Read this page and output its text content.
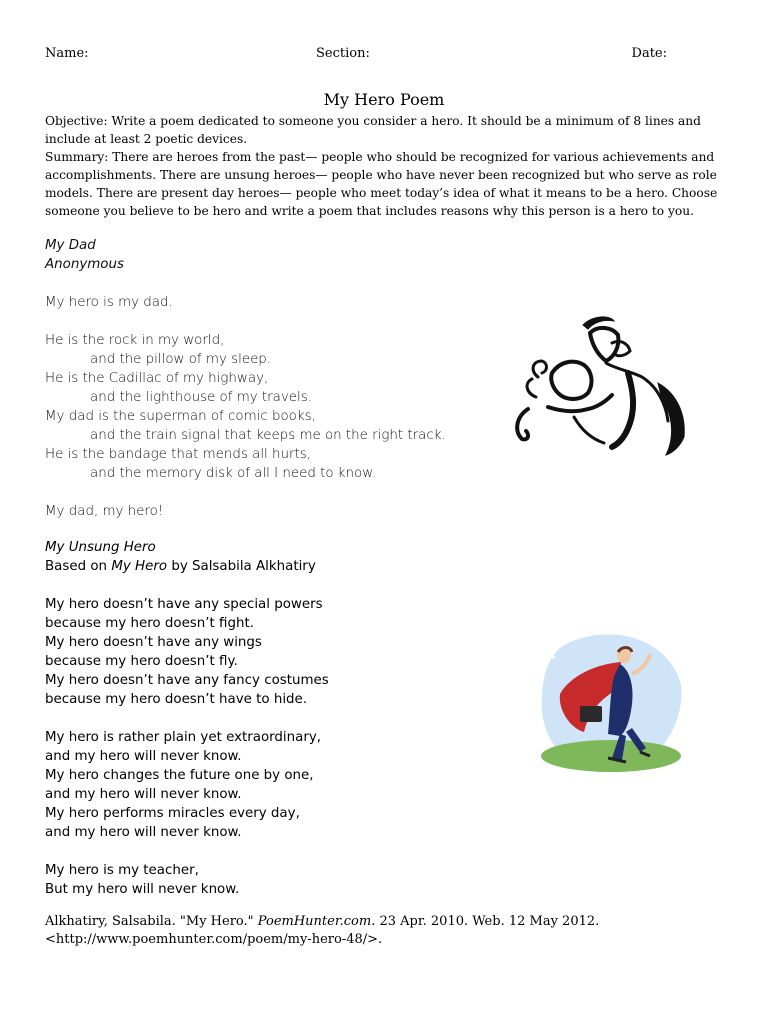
Name:	Section:	Date:
My Hero Poem
Objective: Write a poem dedicated to someone you consider a hero. It should be a minimum of 8 lines and
include at least 2 poetic devices.
Summary: There are heroes from the past— people who should be recognized for various achievements and
accomplishments. There are unsung heroes— people who have never been recognized but who serve as role
models. There are present day heroes— people who meet today’s idea of what it means to be a hero. Choose
someone you believe to be hero and write a poem that includes reasons why this person is a hero to you.
My Dad
Anonymous
My hero is my dad.
He is the rock in my world,
and the pillow of my sleep.
He is the Cadillac of my highway,
and the lighthouse of my travels.
My dad is the superman of comic books,
and the train signal that keeps me on the right track.
He is the bandage that mends all hurts,
and the memory disk of all I need to know.
My dad, my hero!
My Unsung Hero
Based on My Hero by Salsabila Alkhatiry
My hero doesn’t have any special powers
because my hero doesn’t fight.
My hero doesn’t have any wings
because my hero doesn’t fly.
My hero doesn’t have any fancy costumes
because my hero doesn’t have to hide.
My hero is rather plain yet extraordinary,
and my hero will never know.
My hero changes the future one by one,
and my hero will never know.
My hero performs miracles every day,
and my hero will never know.
My hero is my teacher,
But my hero will never know.
Alkhatiry, Salsabila. "My Hero." PoemHunter.com. 23 Apr. 2010. Web. 12 May 2012.
<http://www.poemhunter.com/poem/my-hero-48/>.
✦
✦
